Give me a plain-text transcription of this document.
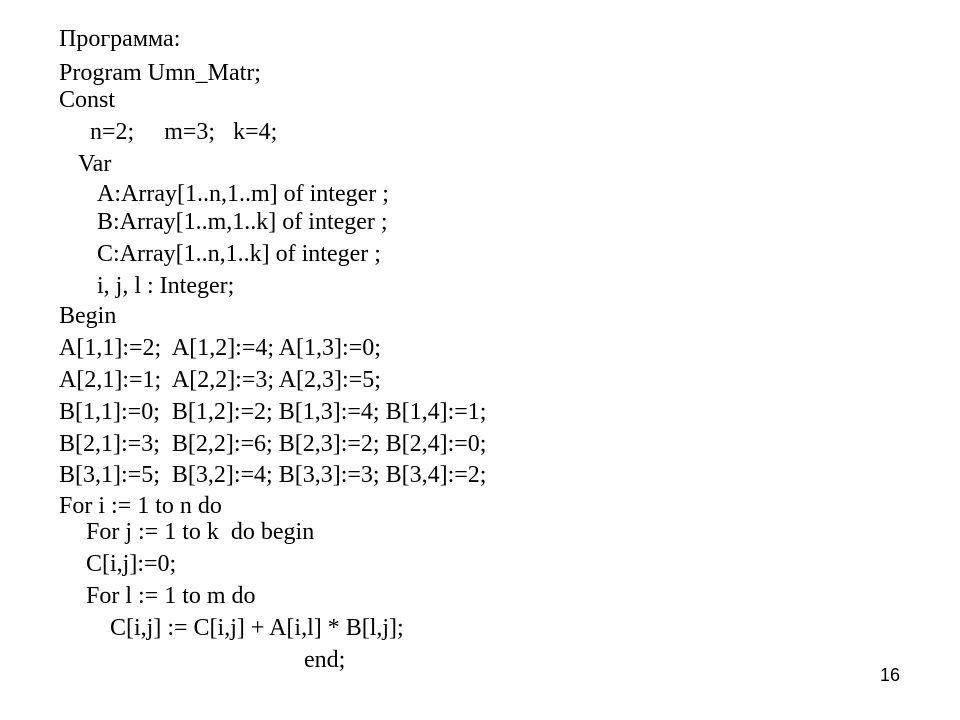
Программа:
Program Umn_Matr;
Const
n=2;     m=3;   k=4;
Var
A:Array[1..n,1..m] of integer ;
B:Array[1..m,1..k] of integer ;
C:Array[1..n,1..k] of integer ;
i, j, l : Integer;
Begin
A[1,1]:=2;  A[1,2]:=4; A[1,3]:=0;
A[2,1]:=1;  A[2,2]:=3; A[2,3]:=5;
B[1,1]:=0;  B[1,2]:=2; B[1,3]:=4; B[1,4]:=1;
B[2,1]:=3;  B[2,2]:=6; B[2,3]:=2; B[2,4]:=0;
B[3,1]:=5;  B[3,2]:=4; B[3,3]:=3; B[3,4]:=2;
For i := 1 to n do
For j := 1 to k  do begin
C[i,j]:=0;
For l := 1 to m do
C[i,j] := C[i,j] + A[i,l] * B[l,j];
end;
16
